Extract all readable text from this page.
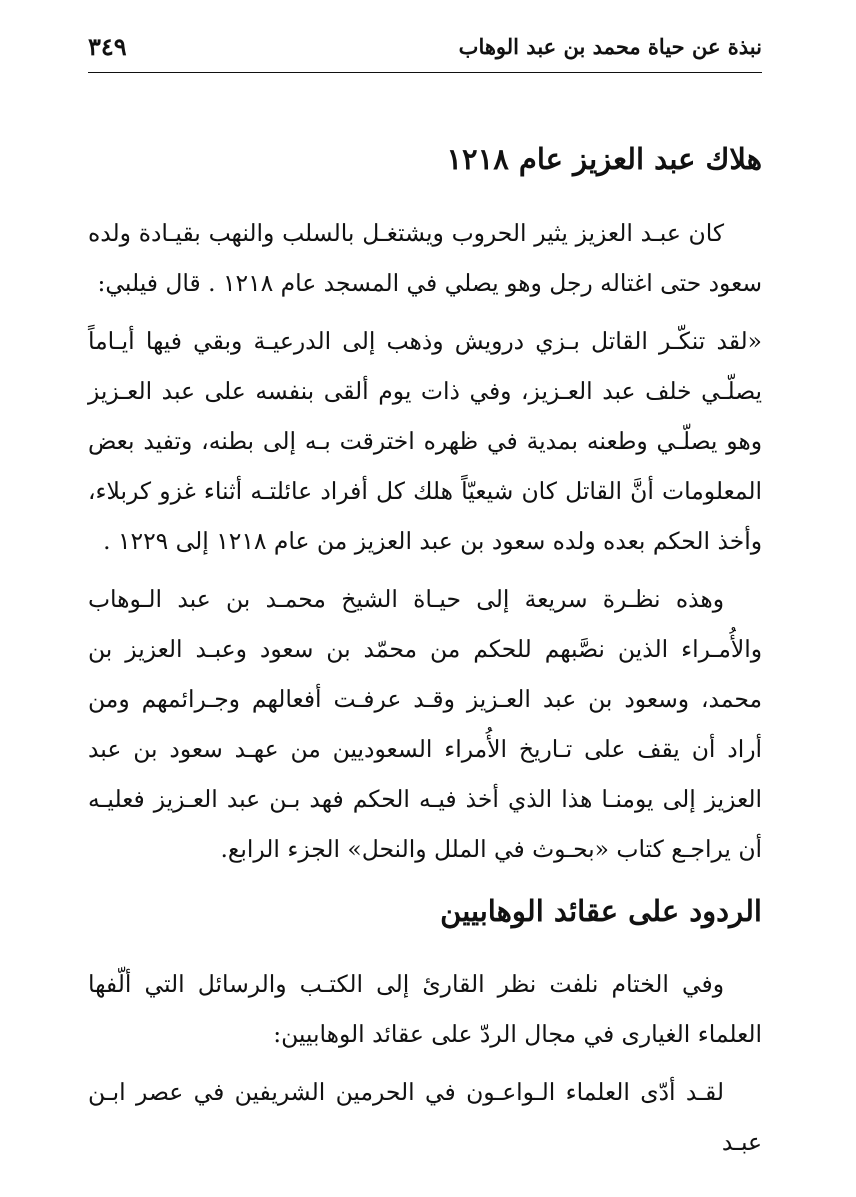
نبذة عن حياة محمد بن عبد الوهاب
٣٤٩
هلاك عبد العزيز عام ١٢١٨

كان عبـد العزيز يثير الحروب ويشتغـل بالسلب والنهب بقيـادة ولده سعود حتى اغتاله رجل وهو يصلي في المسجد عام ١٢١٨ . قال فيلبي:

«لقد تنكّـر القاتل بـزي درويش وذهب إلى الدرعيـة وبقي فيها أيـاماً يصلّـي خلف عبد العـزيز، وفي ذات يوم ألقى بنفسه على عبد العـزيز وهو يصلّـي وطعنه بمدية في ظهره اخترقت بـه إلى بطنه، وتفيد بعض المعلومات أنَّ القاتل كان شيعيّاً هلك كل أفراد عائلتـه أثناء غزو كربلاء، وأخذ الحكم بعده ولده سعود بن عبد العزيز من عام ١٢١٨ إلى ١٢٢٩ .

وهذه نظـرة سريعة إلى حيـاة الشيخ محمـد بن عبد الـوهاب والأُمـراء الذين نصَّبهم للحكم من محمّد بن سعود وعبـد العزيز بن محمد، وسعود بن عبد العـزيز وقـد عرفـت أفعالهم وجـرائمهم ومن أراد أن يقف على تـاريخ الأُمراء السعوديين من عهـد سعود بن عبد العزيز إلى يومنـا هذا الذي أخذ فيـه الحكم فهد بـن عبد العـزيز فعليـه أن يراجـع كتاب «بحـوث في الملل والنحل» الجزء الرابع.

الردود على عقائد الوهابيين

وفي الختام نلفت نظر القارئ إلى الكتـب والرسائل التي ألّفها العلماء الغيارى في مجال الردّ على عقائد الوهابيين:

لقـد أدّى العلماء الـواعـون في الحرمين الشريفين في عصر ابـن عبـد
